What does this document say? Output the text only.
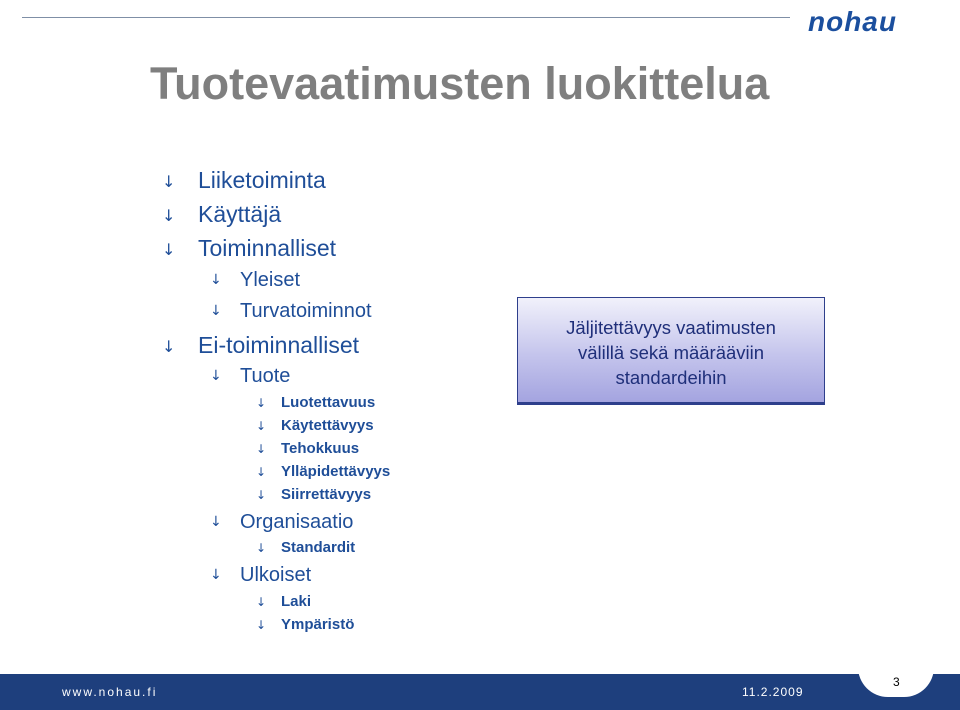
nohau
Tuotevaatimusten luokittelua
↓ Liiketoiminta
↓ Käyttäjä
↓ Toiminnalliset
↓ Yleiset
↓ Turvatoiminnot
↓ Ei-toiminnalliset
↓ Tuote
↓ Luotettavuus
↓ Käytettävyys
↓ Tehokkuus
↓ Ylläpidettävyys
↓ Siirrettävyys
↓ Organisaatio
↓ Standardit
↓ Ulkoiset
↓ Laki
↓ Ympäristö
Jäljitettävyys vaatimusten
välillä sekä määrääviin
standardeihin
www.nohau.fi	11.2.2009
3
